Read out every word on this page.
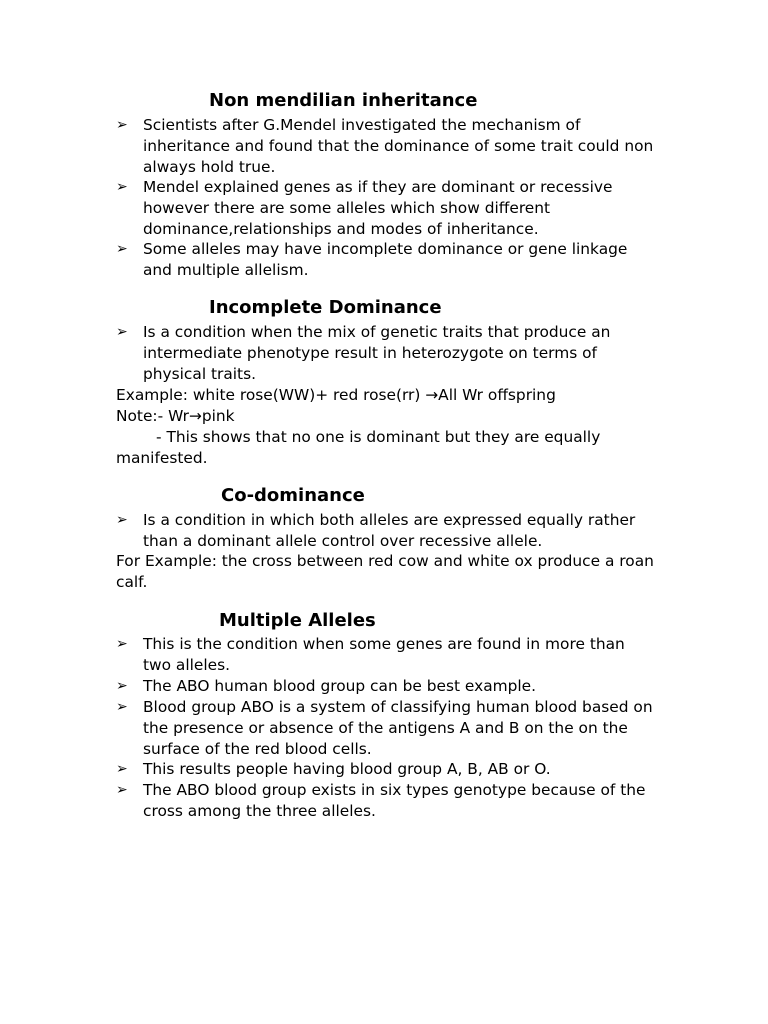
Non mendilian inheritance
➢ Scientists after G.Mendel investigated the mechanism of inheritance and found that the dominance of some trait could non always hold true.
➢ Mendel explained genes as if they are dominant or recessive however there are some alleles which show different dominance,relationships and modes of inheritance.
➢ Some alleles may have incomplete dominance or gene linkage and multiple allelism.
Incomplete Dominance
➢ Is a condition when the mix of genetic traits that produce an intermediate phenotype result in heterozygote on terms of physical traits.
Example: white rose(WW)+ red rose(rr) →All Wr offspring
Note:- Wr→pink
- This shows that no one is dominant but they are equally manifested.
Co-dominance
➢ Is a condition in which both alleles are expressed equally rather than a dominant allele control over recessive allele.
For Example: the cross between red cow and white ox produce a roan calf.
Multiple Alleles
➢ This is the condition when some genes are found in more than two alleles.
➢ The ABO human blood group can be best example.
➢ Blood group ABO is a system of classifying human blood based on the presence or absence of the antigens A and B on the on the surface of the red blood cells.
➢ This results people having blood group A, B, AB or O.
➢ The ABO blood group exists in six types genotype because of the cross among the three alleles.
